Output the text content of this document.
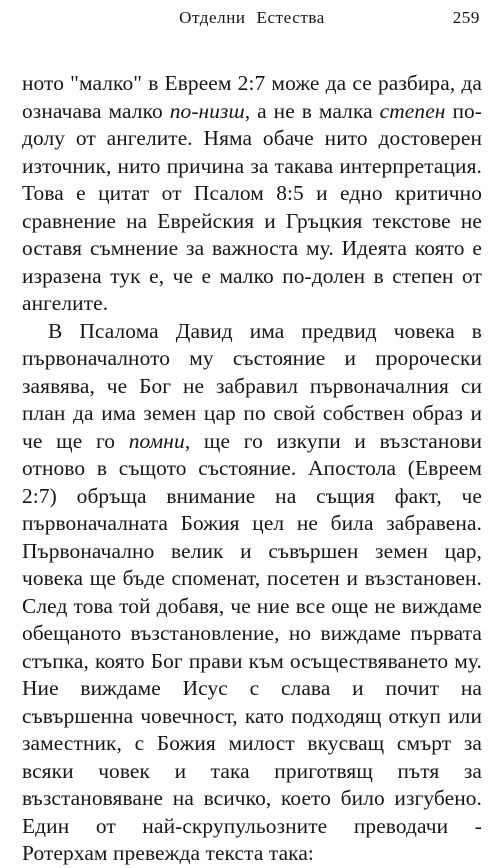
Отделни Естества	259

ното "малко" в Евреем 2:7 може да се разбира, да означава малко по-низш, а не в малка степен по-долу от ангелите. Няма обаче нито достоверен източник, нито причина за такава интерпретация. Това е цитат от Псалом 8:5 и едно критично сравнение на Еврейския и Гръцкия текстове не оставя съмнение за важноста му. Идеята която е изразена тук е, че е малко по-долен в степен от ангелите.

В Псалома Давид има предвид човека в първоначалното му състояние и пророчески заявява, че Бог не забравил първоначалния си план да има земен цар по свой собствен образ и че ще го помни, ще го изкупи и възстанови отново в същото състояние. Апостола (Евреем 2:7) обръща внимание на същия факт, че първоначалната Божия цел не била забравена. Първоначално велик и съвършен земен цар, човека ще бъде споменат, посетен и възстановен. След това той добавя, че ние все още не виждаме обещаното възстановление, но виждаме първата стъпка, която Бог прави към осъществяването му. Ние виждаме Исус с слава и почит на съвършенна човечност, като подходящ откуп или заместник, с Божия милост вкусващ смърт за всяки човек и така приготвящ пътя за възстановяване на всичко, което било изгубено. Един от най-скрупульозните преводачи - Ротерхам превежда текста така:
